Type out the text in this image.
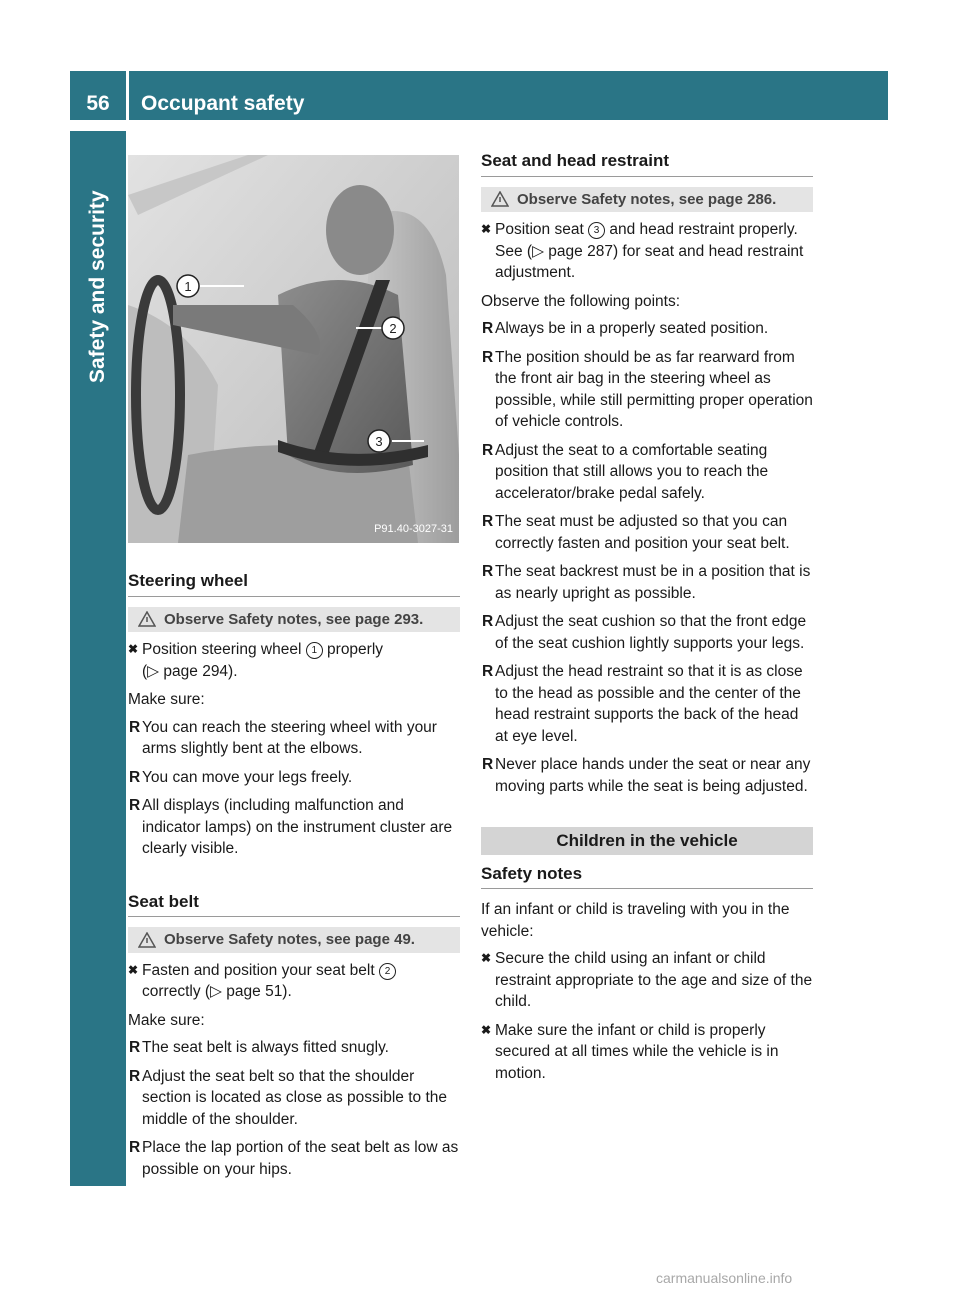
56	Occupant safety
Safety and security	1
2
3
P91.40-3027-31
Steering wheel
Observe Safety notes, see page 293.
✖ Position steering wheel 1 properly
(▷ page 294).
Make sure:
R You can reach the steering wheel with your arms slightly bent at the elbows.
R You can move your legs freely.
R All displays (including malfunction and indicator lamps) on the instrument cluster are clearly visible.
Seat belt
Observe Safety notes, see page 49.
✖ Fasten and position your seat belt 2
correctly (▷ page 51).
Make sure:
R The seat belt is always fitted snugly.
R Adjust the seat belt so that the shoulder section is located as close as possible to the middle of the shoulder.
R Place the lap portion of the seat belt as low as possible on your hips.
Seat and head restraint
Observe Safety notes, see page 286.
✖ Position seat 3 and head restraint properly. See (▷ page 287) for seat and head restraint adjustment.
Observe the following points:
R Always be in a properly seated position.
R The position should be as far rearward from the front air bag in the steering wheel as possible, while still permitting proper operation of vehicle controls.
R Adjust the seat to a comfortable seating position that still allows you to reach the accelerator/brake pedal safely.
R The seat must be adjusted so that you can correctly fasten and position your seat belt.
R The seat backrest must be in a position that is as nearly upright as possible.
R Adjust the seat cushion so that the front edge of the seat cushion lightly supports your legs.
R Adjust the head restraint so that it is as close to the head as possible and the center of the head restraint supports the back of the head at eye level.
R Never place hands under the seat or near any moving parts while the seat is being adjusted.
Children in the vehicle
Safety notes
If an infant or child is traveling with you in the vehicle:
✖ Secure the child using an infant or child restraint appropriate to the age and size of the child.
✖ Make sure the infant or child is properly secured at all times while the vehicle is in motion.
carmanualsonline.info
